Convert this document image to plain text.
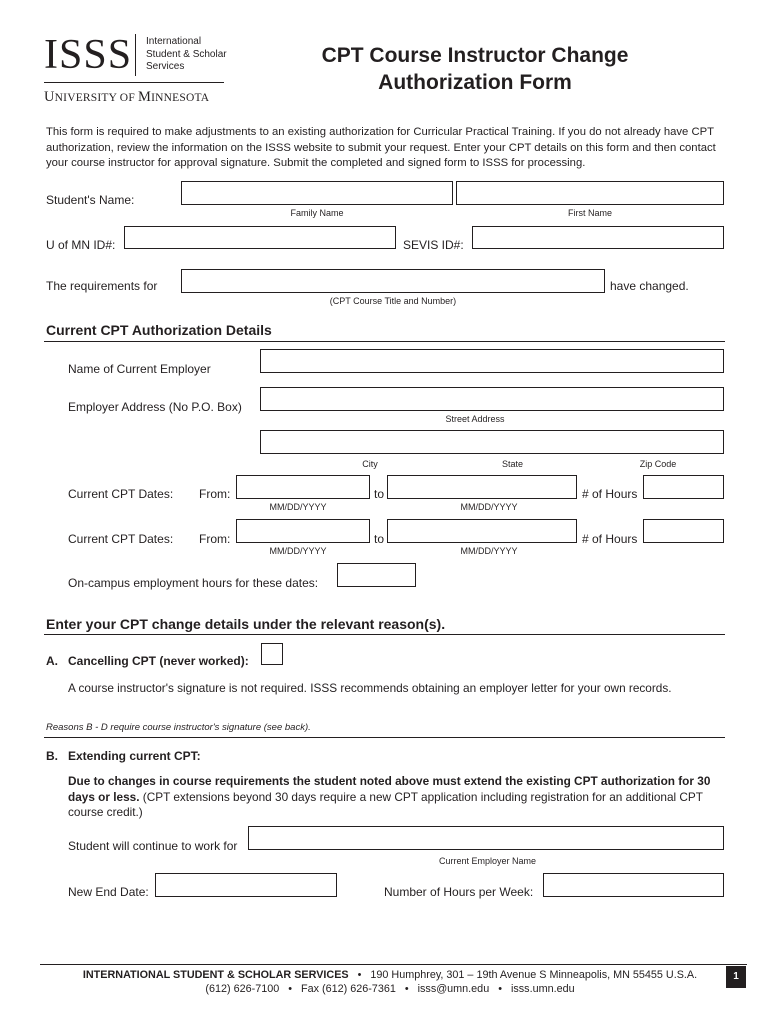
ISSS International
Student & Scholar
Services
UNIVERSITY OF MINNESOTA
CPT Course Instructor Change Authorization Form
This form is required to make adjustments to an existing authorization for Curricular Practical Training. If you do not already have CPT authorization, review the information on the ISSS website to submit your request. Enter your CPT details on this form and then contact your course instructor for approval signature. Submit the completed and signed form to ISSS for processing.
Student's Name:
Family Name	First Name
U of MN ID#:	SEVIS ID#:
The requirements for	have changed.
(CPT Course Title and Number)
Current CPT Authorization Details
Name of Current Employer
Employer Address (No P.O. Box)
Street Address
City	State	Zip Code
Current CPT Dates: From:	to	# of Hours
MM/DD/YYYY	MM/DD/YYYY
Current CPT Dates: From:	to	# of Hours
MM/DD/YYYY	MM/DD/YYYY
On-campus employment hours for these dates:
Enter your CPT change details under the relevant reason(s).
A. Cancelling CPT (never worked):
A course instructor's signature is not required. ISSS recommends obtaining an employer letter for your own records.
Reasons B - D require course instructor's signature (see back).
B. Extending current CPT:
Due to changes in course requirements the student noted above must extend the existing CPT authorization for 30 days or less. (CPT extensions beyond 30 days require a new CPT application including registration for an additional CPT course credit.)
Student will continue to work for
Current Employer Name
New End Date:	Number of Hours per Week:
INTERNATIONAL STUDENT & SCHOLAR SERVICES   •   190 Humphrey, 301 – 19th Avenue S Minneapolis, MN 55455 U.S.A.
(612) 626-7100   •   Fax (612) 626-7361   •   isss@umn.edu   •   isss.umn.edu
1
